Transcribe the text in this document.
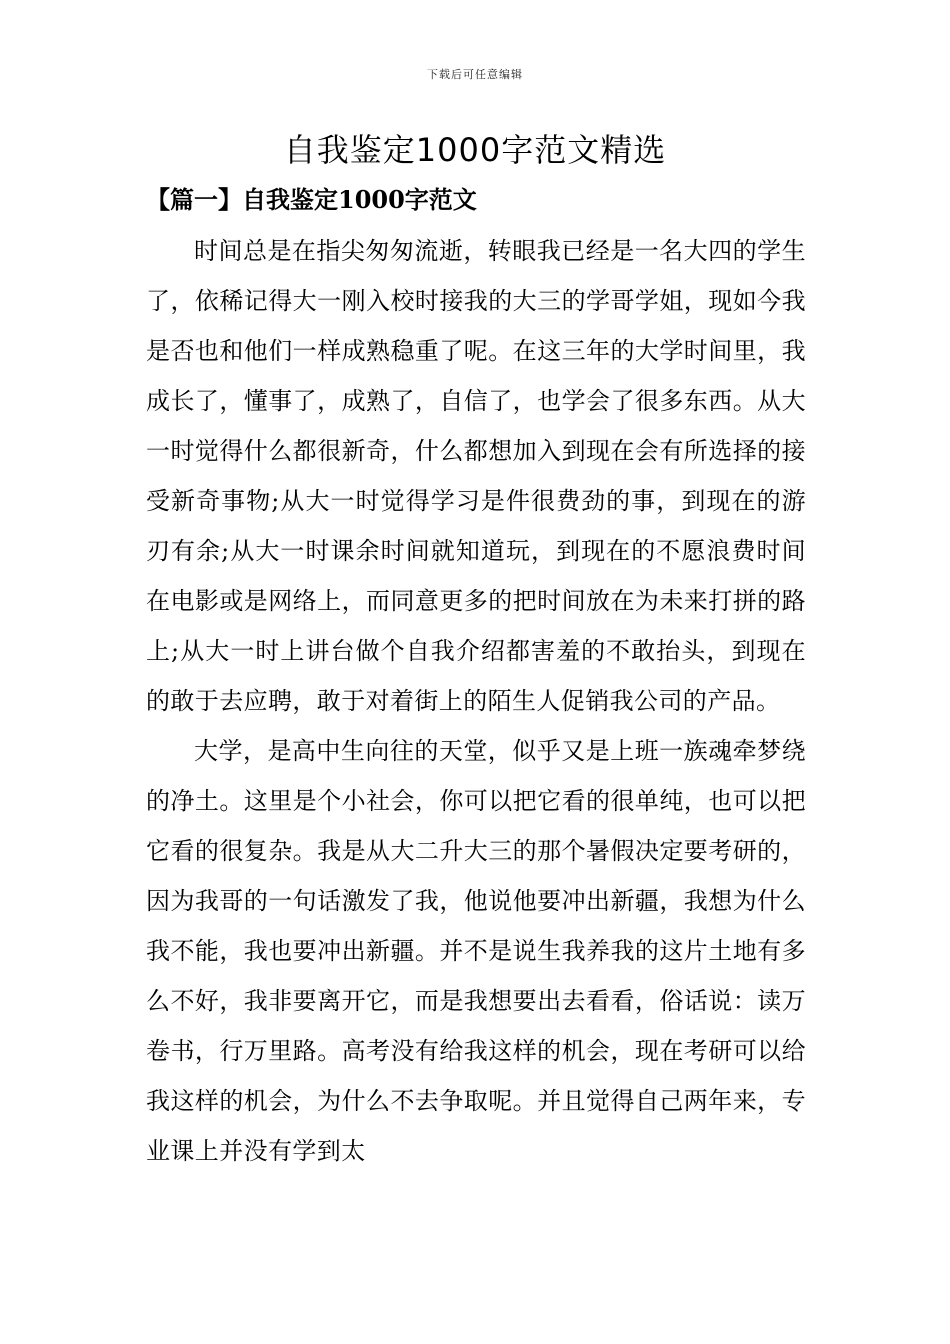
下载后可任意编辑

自我鉴定1000字范文精选
【篇一】自我鉴定1000字范文

时间总是在指尖匆匆流逝，转眼我已经是一名大四的学生了，依稀记得大一刚入校时接我的大三的学哥学姐，现如今我是否也和他们一样成熟稳重了呢。在这三年的大学时间里，我成长了，懂事了，成熟了，自信了，也学会了很多东西。从大一时觉得什么都很新奇，什么都想加入到现在会有所选择的接受新奇事物;从大一时觉得学习是件很费劲的事，到现在的游刃有余;从大一时课余时间就知道玩，到现在的不愿浪费时间在电影或是网络上，而同意更多的把时间放在为未来打拼的路上;从大一时上讲台做个自我介绍都害羞的不敢抬头，到现在的敢于去应聘，敢于对着街上的陌生人促销我公司的产品。

大学，是高中生向往的天堂，似乎又是上班一族魂牵梦绕的净土。这里是个小社会，你可以把它看的很单纯，也可以把它看的很复杂。我是从大二升大三的那个暑假决定要考研的，因为我哥的一句话激发了我，他说他要冲出新疆，我想为什么我不能，我也要冲出新疆。并不是说生我养我的这片土地有多么不好，我非要离开它，而是我想要出去看看，俗话说：读万卷书，行万里路。高考没有给我这样的机会，现在考研可以给我这样的机会，为什么不去争取呢。并且觉得自己两年来，专业课上并没有学到太
